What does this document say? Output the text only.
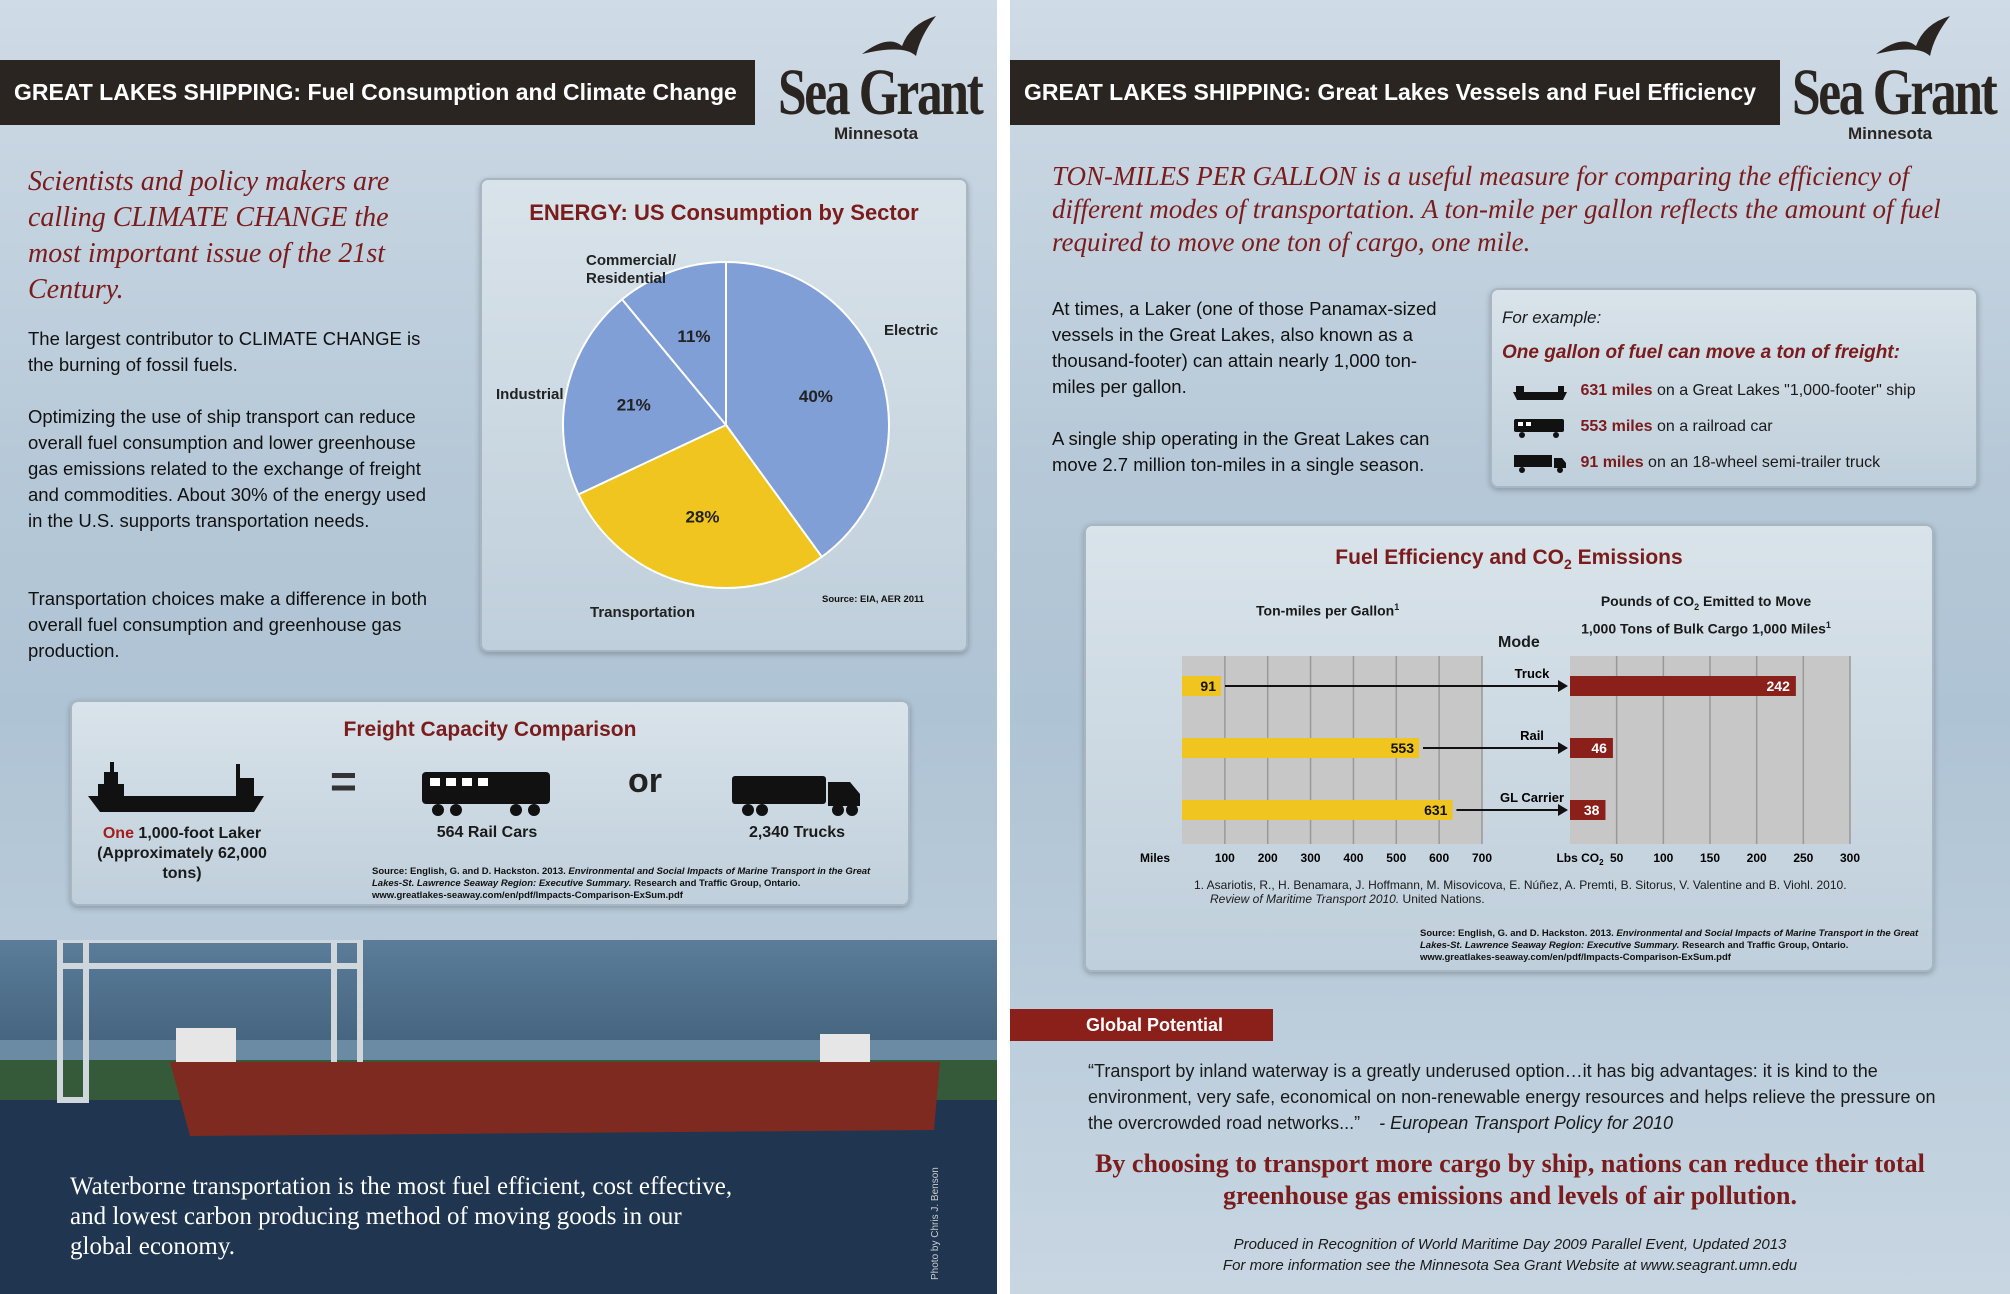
GREAT LAKES SHIPPING: Fuel Consumption and Climate Change Sea Grant
Minnesota
Scientists and policy makers are calling CLIMATE CHANGE the most important issue of the 21st Century.
The largest contributor to CLIMATE CHANGE is the burning of fossil fuels.
Optimizing the use of ship transport can reduce overall fuel consumption and lower greenhouse gas emissions related to the exchange of freight and commodities. About 30% of the energy used in the U.S. supports transportation needs.
Transportation choices make a difference in both overall fuel consumption and greenhouse gas production.
ENERGY: US Consumption by Sector
40%
28%
21%
11%
Commercial/ Residential
Electric
Industrial
Transportation
Source: EIA, AER 2011
Freight Capacity Comparison
One 1,000-foot Laker
(Approximately 62,000 tons)
=
564 Rail Cars
or
2,340 Trucks
Source: English, G. and D. Hackston. 2013. Environmental and Social Impacts of Marine Transport in the Great Lakes-St. Lawrence Seaway Region: Executive Summary. Research and Traffic Group, Ontario.
www.greatlakes-seaway.com/en/pdf/Impacts-Comparison-ExSum.pdf
Waterborne transportation is the most fuel efficient, cost effective, and lowest carbon producing method of moving goods in our global economy.	Photo by Chris J. Benson
GREAT LAKES SHIPPING: Great Lakes Vessels and Fuel Efficiency Sea Grant
Minnesota
TON-MILES PER GALLON is a useful measure for comparing the efficiency of different modes of transportation. A ton-mile per gallon reflects the amount of fuel required to move one ton of cargo, one mile.
At times, a Laker (one of those Panamax-sized vessels in the Great Lakes, also known as a thousand-footer) can attain nearly 1,000 ton-miles per gallon.
A single ship operating in the Great Lakes can move 2.7 million ton-miles in a single season.
For example:
One gallon of fuel can move a ton of freight:
631 miles on a Great Lakes "1,000-footer" ship
553 miles on a railroad car
91 miles on an 18-wheel semi-trailer truck
Fuel Efficiency and $CO_2$ Emissions
Ton-miles per Gallon$^1$	Pounds of $CO_2$ Emitted to Move
1,000 Tons of Bulk Cargo 1,000 Miles$^1$
Mode
100 200 300 400 500 600 700
Miles	50 100 150 200 250 300
Lbs $CO_2$
91
Truck
242
553
Rail
46
631
GL Carrier
38
1. Asariotis, R., H. Benamara, J. Hoffmann, M. Misovicova, E. Núñez, A. Premti, B. Sitorus, V. Valentine and B. Viohl. 2010.
Review of Maritime Transport 2010. United Nations.
Source: English, G. and D. Hackston. 2013. Environmental and Social Impacts of Marine Transport in the Great Lakes-St. Lawrence Seaway Region: Executive Summary. Research and Traffic Group, Ontario.
www.greatlakes-seaway.com/en/pdf/Impacts-Comparison-ExSum.pdf
Global Potential
“Transport by inland waterway is a greatly underused option…it has big advantages: it is kind to the environment, very safe, economical on non-renewable energy resources and helps relieve the pressure on the overcrowded road networks...” - European Transport Policy for 2010
By choosing to transport more cargo by ship, nations can reduce their total greenhouse gas emissions and levels of air pollution.
Produced in Recognition of World Maritime Day 2009 Parallel Event, Updated 2013
For more information see the Minnesota Sea Grant Website at www.seagrant.umn.edu
